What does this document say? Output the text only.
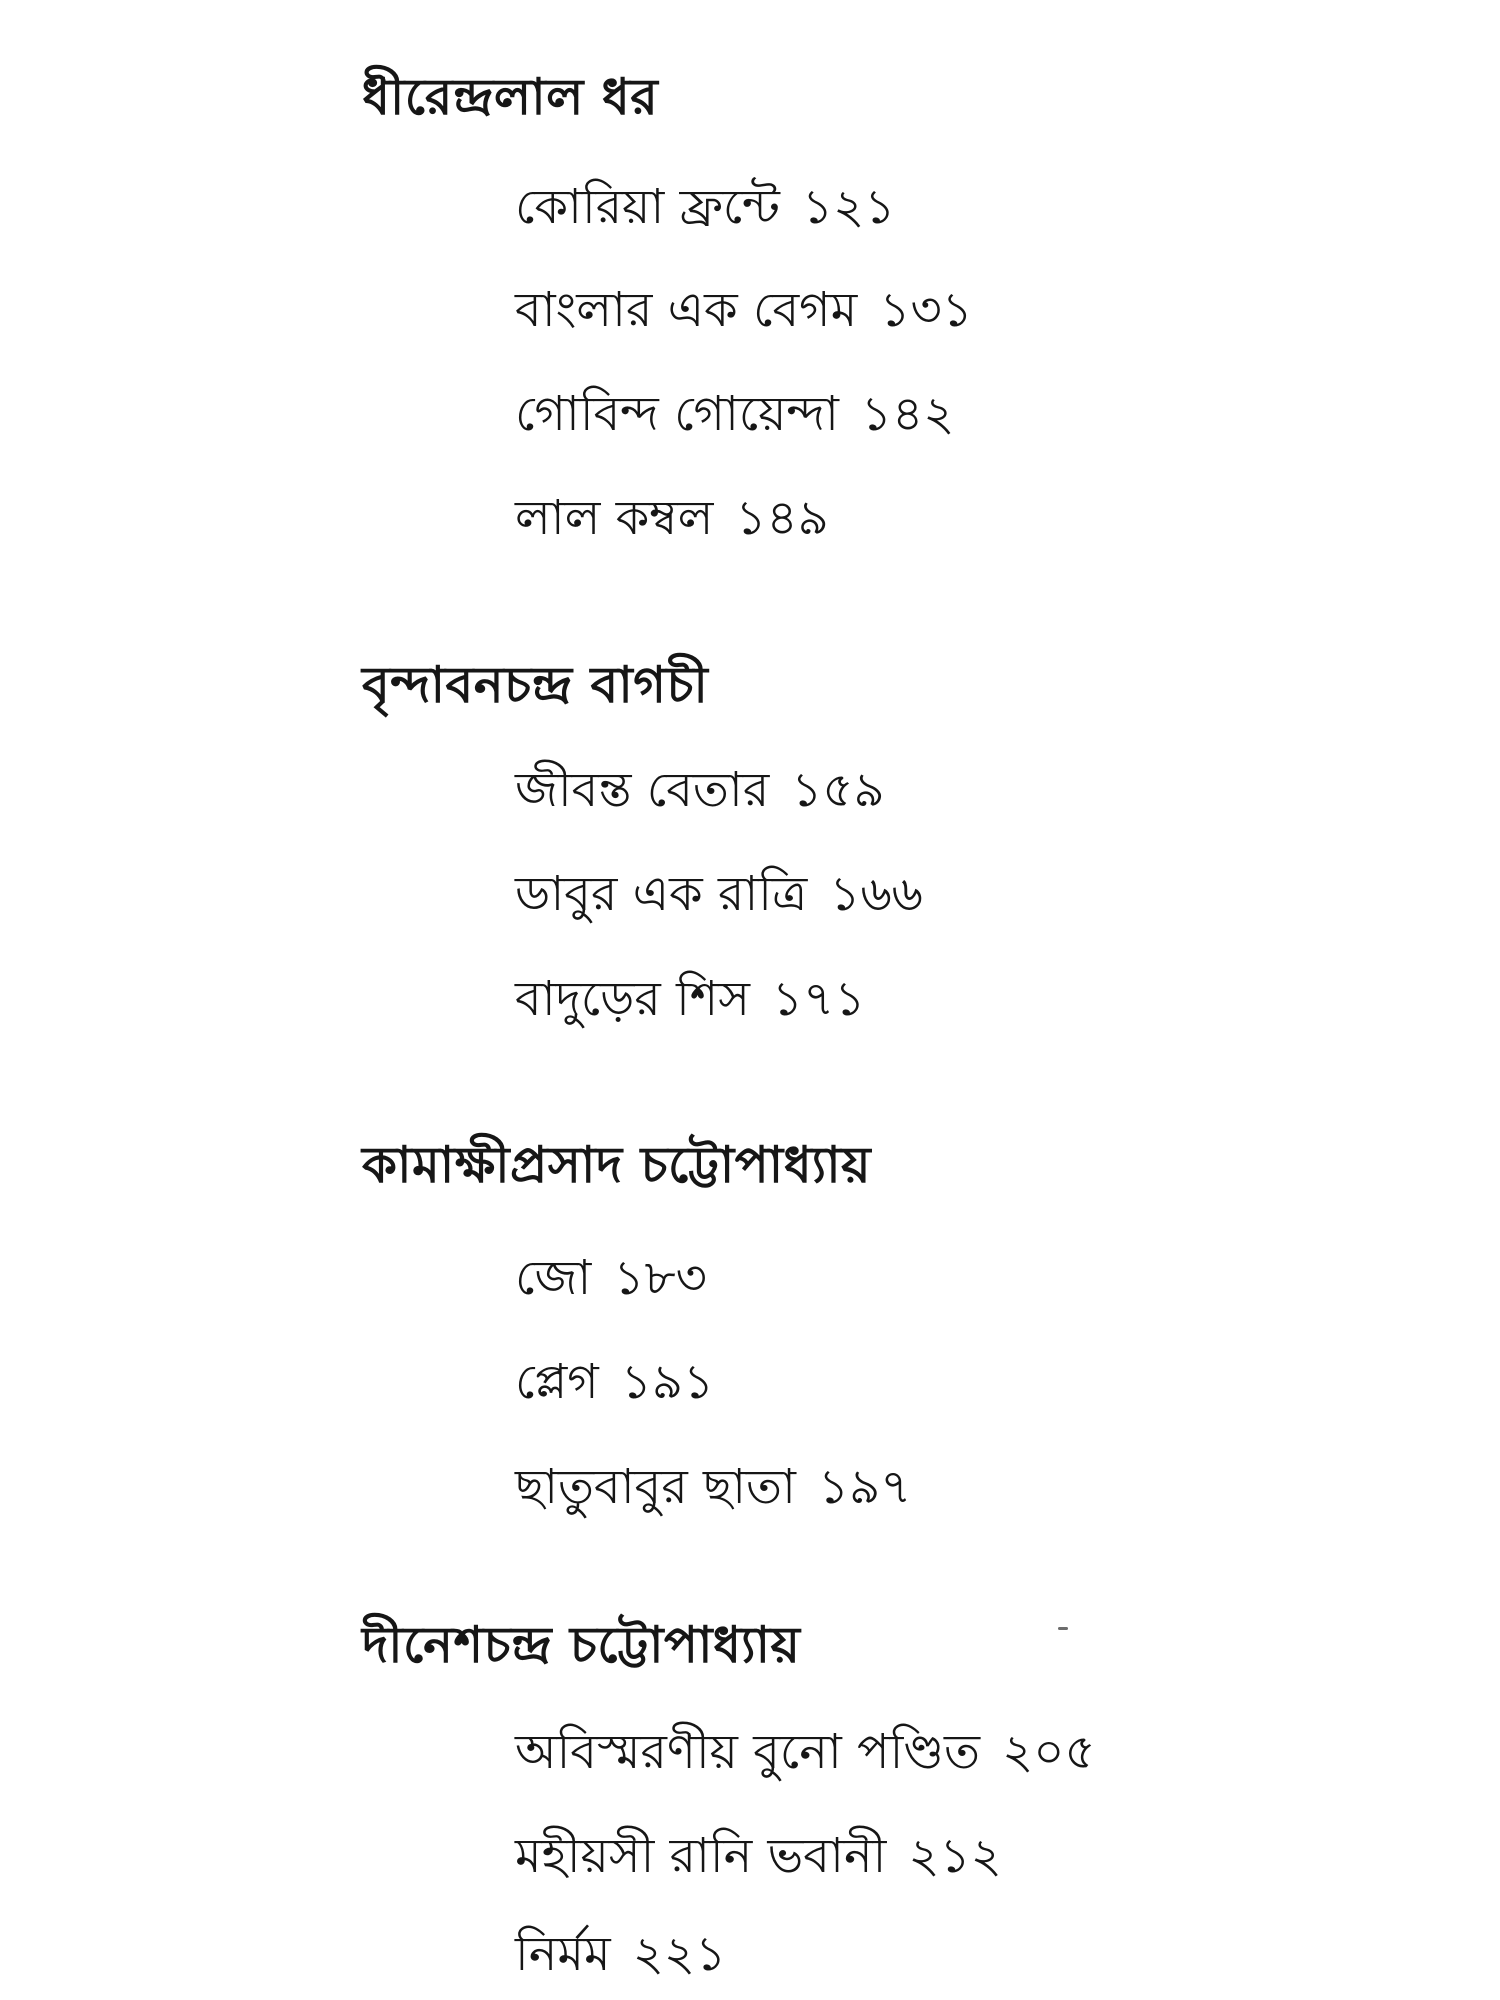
ধীরেন্দ্রলাল ধর

কোরিয়া ফ্রন্টে ১২১

বাংলার এক বেগম ১৩১

গোবিন্দ গোয়েন্দা ১৪২

লাল কম্বল ১৪৯

বৃন্দাবনচন্দ্র বাগচী

জীবন্ত বেতার ১৫৯

ডাবুর এক রাত্রি ১৬৬

বাদুড়ের শিস ১৭১

কামাক্ষীপ্রসাদ চট্টোপাধ্যায়

জো ১৮৩

প্লেগ ১৯১

ছাতুবাবুর ছাতা ১৯৭

দীনেশচন্দ্র চট্টোপাধ্যায়

অবিস্মরণীয় বুনো পণ্ডিত ২০৫

মহীয়সী রানি ভবানী ২১২

নির্মম ২২১
